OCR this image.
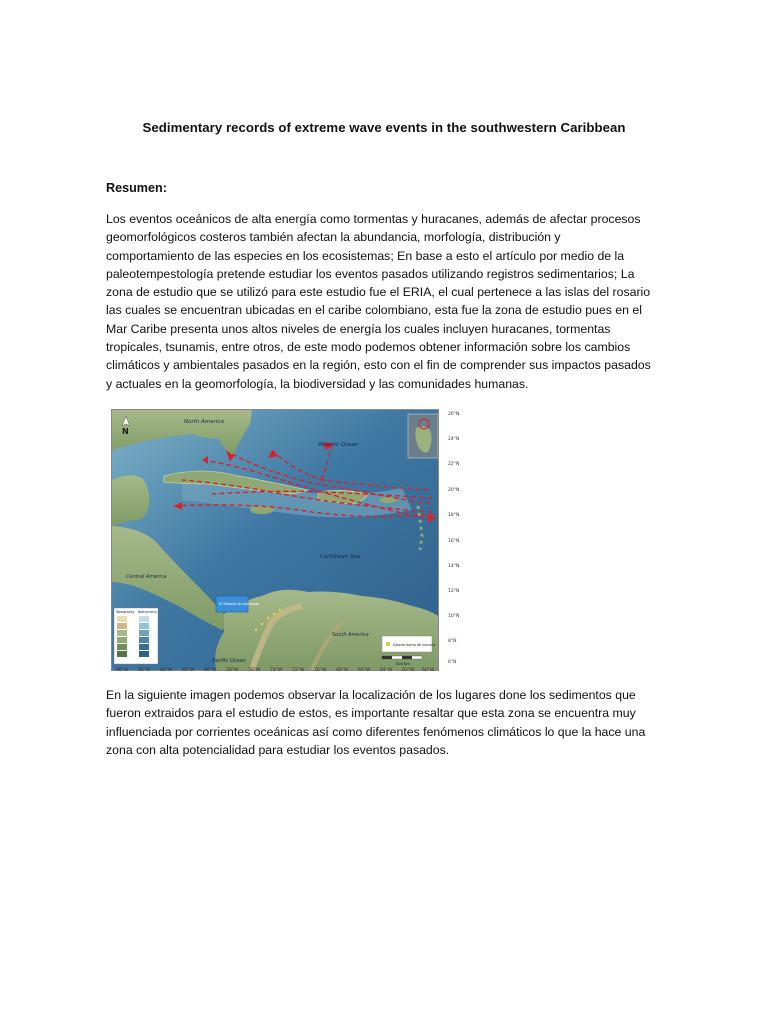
Sedimentary records of extreme wave events in the southwestern Caribbean
Resumen:
Los eventos oceánicos de alta energía como tormentas y huracanes, además de afectar procesos
geomorfológicos costeros también afectan la abundancia, morfología, distribución y
comportamiento de las especies en los ecosistemas; En base a esto el artículo por medio de la
paleotempestología pretende estudiar los eventos pasados utilizando registros sedimentarios; La
zona de estudio que se utilizó para este estudio fue el ERIA, el cual pertenece a las islas del rosario
las cuales se encuentran ubicadas en el caribe colombiano, esta fue la zona de estudio pues en el
Mar Caribe presenta unos altos niveles de energía los cuales incluyen huracanes, tormentas
tropicales, tsunamis, entre otros, de este modo podemos obtener información sobre los cambios
climáticos y ambientales pasados en la región, esto con el fin de comprender sus impactos pasados
y actuales en la geomorfología, la biodiversidad y las comunidades humanas.
N
North America
Atlantic Ocean
Caribbean Sea
Central America
South America
Pacific Ocean
El Rosario Archipelago
Diapiro domo de volcano
500 Km
Topography Bathymetry
26°N
24°N
22°N
20°N
18°N
16°N
14°N
12°N
10°N
8°N
6°N
88°W 86°W 84°W 82°W 80°W 78°W 76°W 74°W 72°W 70°W 68°W 66°W 64°W 62°W 60°W
En la siguiente imagen podemos observar la localización de los lugares done los sedimentos que
fueron extraidos para el estudio de estos, es importante resaltar que esta zona se encuentra muy
influenciada por corrientes oceánicas así como diferentes fenómenos climáticos lo que la hace una
zona con alta potencialidad para estudiar los eventos pasados.
